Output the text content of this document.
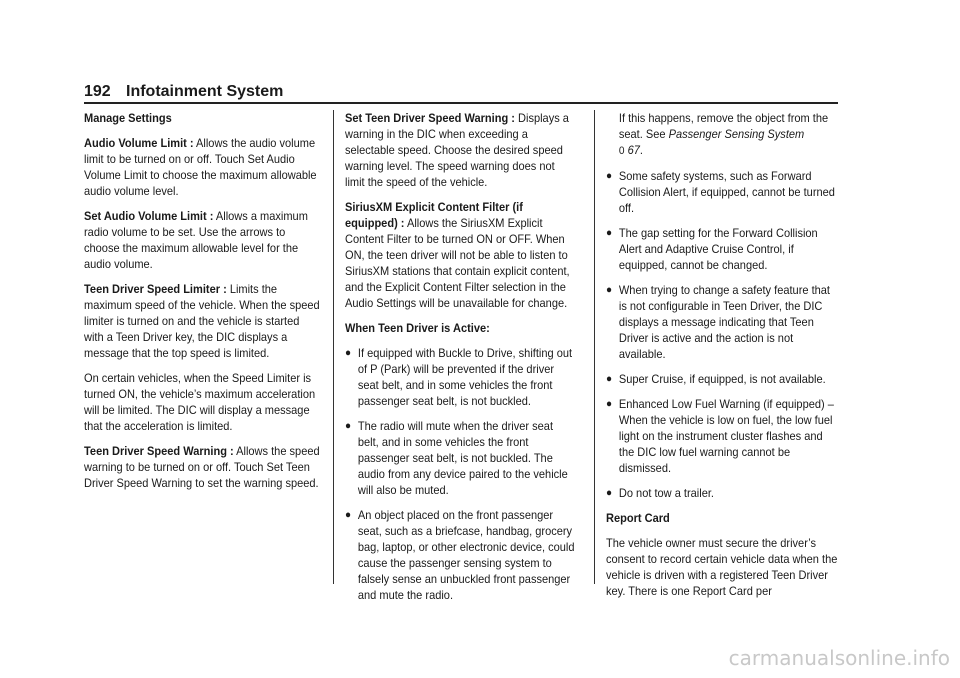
192 Infotainment System

Manage Settings

Audio Volume Limit : Allows the audio volume limit to be turned on or off. Touch Set Audio Volume Limit to choose the maximum allowable audio volume level.

Set Audio Volume Limit : Allows a maximum radio volume to be set. Use the arrows to choose the maximum allowable level for the audio volume.

Teen Driver Speed Limiter : Limits the maximum speed of the vehicle. When the speed limiter is turned on and the vehicle is started with a Teen Driver key, the DIC displays a message that the top speed is limited.

On certain vehicles, when the Speed Limiter is turned ON, the vehicle’s maximum acceleration will be limited. The DIC will display a message that the acceleration is limited.

Teen Driver Speed Warning : Allows the speed warning to be turned on or off. Touch Set Teen Driver Speed Warning to set the warning speed.

Set Teen Driver Speed Warning : Displays a warning in the DIC when exceeding a selectable speed. Choose the desired speed warning level. The speed warning does not limit the speed of the vehicle.

SiriusXM Explicit Content Filter (if equipped) : Allows the SiriusXM Explicit Content Filter to be turned ON or OFF. When ON, the teen driver will not be able to listen to SiriusXM stations that contain explicit content, and the Explicit Content Filter selection in the Audio Settings will be unavailable for change.

When Teen Driver is Active:

● If equipped with Buckle to Drive, shifting out of P (Park) will be prevented if the driver seat belt, and in some vehicles the front passenger seat belt, is not buckled.
● The radio will mute when the driver seat belt, and in some vehicles the front passenger seat belt, is not buckled. The audio from any device paired to the vehicle will also be muted.
● An object placed on the front passenger seat, such as a briefcase, handbag, grocery bag, laptop, or other electronic device, could cause the passenger sensing system to falsely sense an unbuckled front passenger and mute the radio.

If this happens, remove the object from the seat. See Passenger Sensing System
0 67.

● Some safety systems, such as Forward Collision Alert, if equipped, cannot be turned off.
● The gap setting for the Forward Collision Alert and Adaptive Cruise Control, if equipped, cannot be changed.
● When trying to change a safety feature that is not configurable in Teen Driver, the DIC displays a message indicating that Teen Driver is active and the action is not available.
● Super Cruise, if equipped, is not available.
● Enhanced Low Fuel Warning (if equipped) – When the vehicle is low on fuel, the low fuel light on the instrument cluster flashes and the DIC low fuel warning cannot be dismissed.
● Do not tow a trailer.

Report Card

The vehicle owner must secure the driver’s consent to record certain vehicle data when the vehicle is driven with a registered Teen Driver key. There is one Report Card per

carmanualsonline.info
